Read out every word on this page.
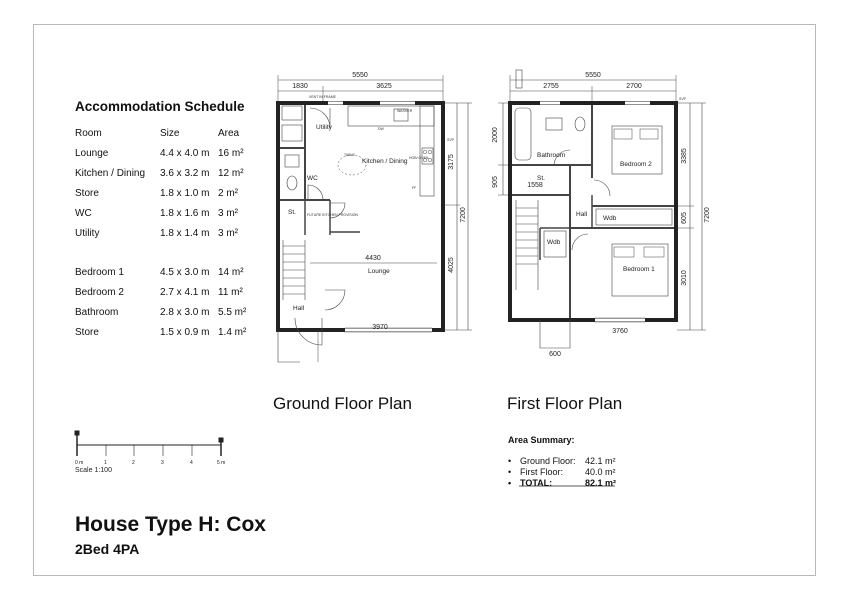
Accommodation Schedule
Room	Size	Area
Lounge	4.4 x 4.0 m 16 m²
Kitchen / Dining 3.6 x 3.2 m 12 m²
Store	1.8 x 1.0 m 2 m²
WC	1.8 x 1.6 m 3 m²
Utility	1.8 x 1.4 m 3 m²
Bedroom 1	4.5 x 3.0 m 14 m²
Bedroom 2	2.7 x 4.1 m 11 m²
Bathroom	2.8 x 3.0 m 5.5 m²
Store	1.5 x 0.9 m 1.4 m²
5550
1830	3625
4430
3970
3175
7200
4025
Utility
Kitchen / Dining
WC
St.
Lounge
Hall
VENT IN FRAME
WASHER
HOB/ OVEN
FF
DW
FUTURE KITCHEN PROVISION
TABLE
SVP
5550
2755	2700
3760
600
1558
2000
905
3385
605 7200
3010
Bathroom
Bedroom 2
St.
Hall
Wdb
Wdb
Bedroom 1
SVP
0 m	1	2	3	4	5 m
Scale 1:100
Ground Floor Plan	First Floor Plan
Area Summary:
• Ground Floor: 42.1 m²
• First Floor: 40.0 m²
• TOTAL:	82.1 m²
House Type H: Cox
2Bed 4PA
